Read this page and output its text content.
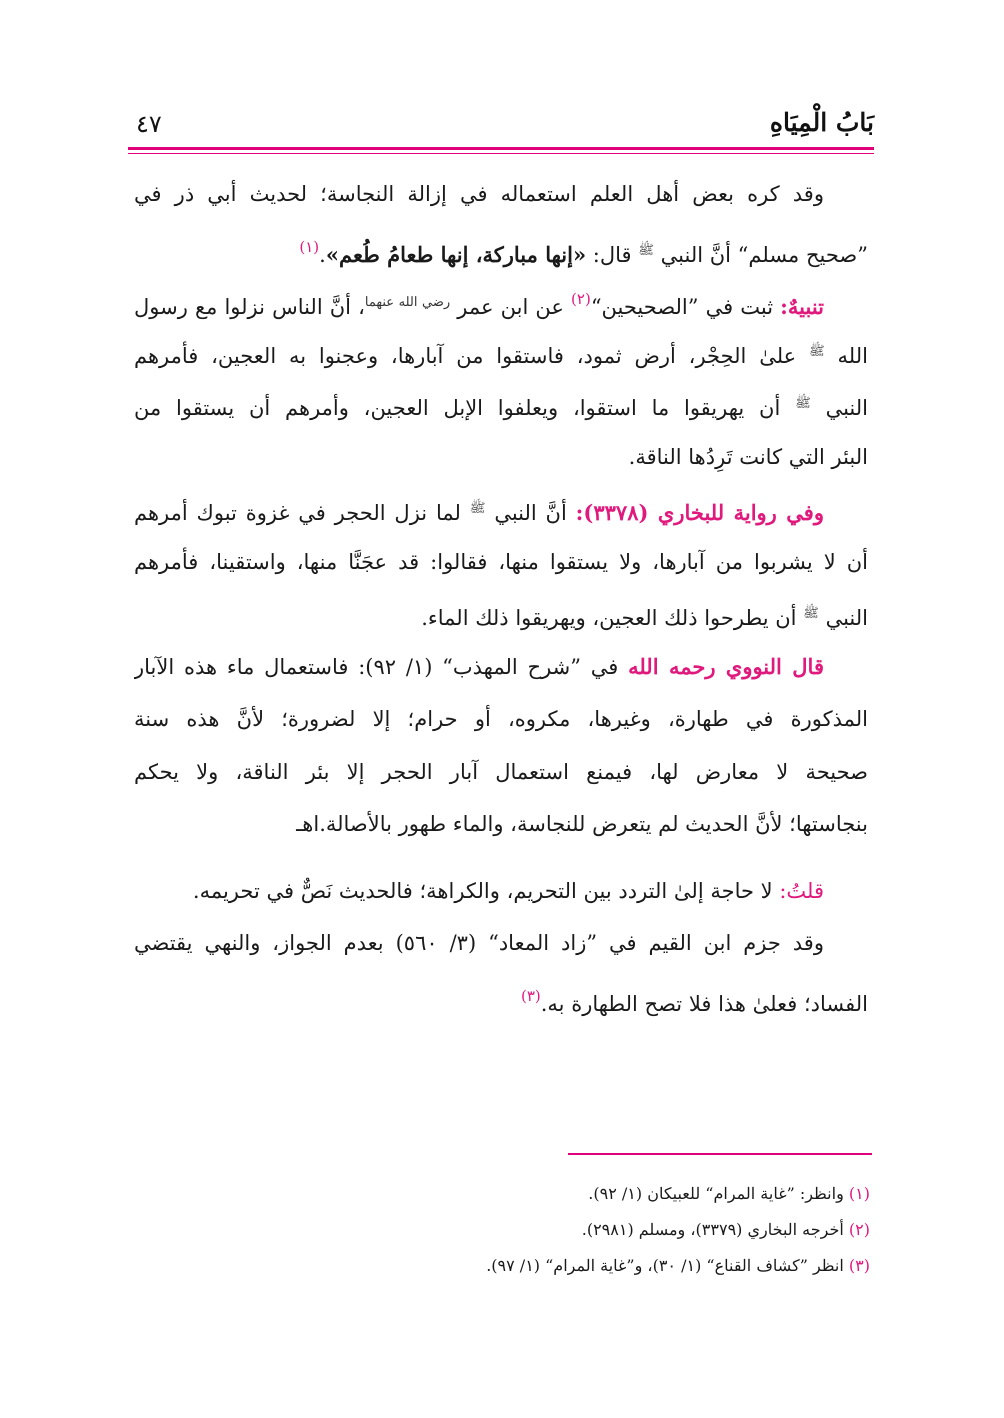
بَابُ الْمِيَاهِ
٤٧

وقد كره بعض أهل العلم استعماله في إزالة النجاسة؛ لحديث أبي ذر في
”صحيح مسلم“ أنَّ النبي $^ﷺ$ قال: «إنها مباركة، إنها طعامُ طُعم».$^{(١)}$

تنبيهٌ: ثبت في ”الصحيحين“$^{(٢)}$ عن ابن عمر $^{رضي الله عنهما}$، أنَّ الناس نزلوا مع رسول
الله $^ﷺ$ علىٰ الحِجْر، أرض ثمود، فاستقوا من آبارها، وعجنوا به العجين، فأمرهم
النبي $^ﷺ$ أن يهريقوا ما استقوا، ويعلفوا الإبل العجين، وأمرهم أن يستقوا من
البئر التي كانت تَرِدُها الناقة.

وفي رواية للبخاري (٣٣٧٨): أنَّ النبي $^ﷺ$ لما نزل الحجر في غزوة تبوك أمرهم
أن لا يشربوا من آبارها، ولا يستقوا منها، فقالوا: قد عجَنَّا منها، واستقينا، فأمرهم
النبي $^ﷺ$ أن يطرحوا ذلك العجين، ويهريقوا ذلك الماء.

قال النووي رحمه الله في ”شرح المهذب“ (١/ ٩٢): فاستعمال ماء هذه الآبار
المذكورة في طهارة، وغيرها، مكروه، أو حرام؛ إلا لضرورة؛ لأنَّ هذه سنة
صحيحة لا معارض لها، فيمنع استعمال آبار الحجر إلا بئر الناقة، ولا يحكم
بنجاستها؛ لأنَّ الحديث لم يتعرض للنجاسة، والماء طهور بالأصالة.اهـ

قلتُ: لا حاجة إلىٰ التردد بين التحريم، والكراهة؛ فالحديث نَصٌّ في تحريمه.

وقد جزم ابن القيم في ”زاد المعاد“ (٣/ ٥٦٠) بعدم الجواز، والنهي يقتضي
الفساد؛ فعلىٰ هذا فلا تصح الطهارة به.$^{(٣)}$

(١) وانظر: ”غاية المرام“ للعبيكان (١/ ٩٢).
(٢) أخرجه البخاري (٣٣٧٩)، ومسلم (٢٩٨١).
(٣) انظر ”كشاف القناع“ (١/ ٣٠)، و”غاية المرام“ (١/ ٩٧).
